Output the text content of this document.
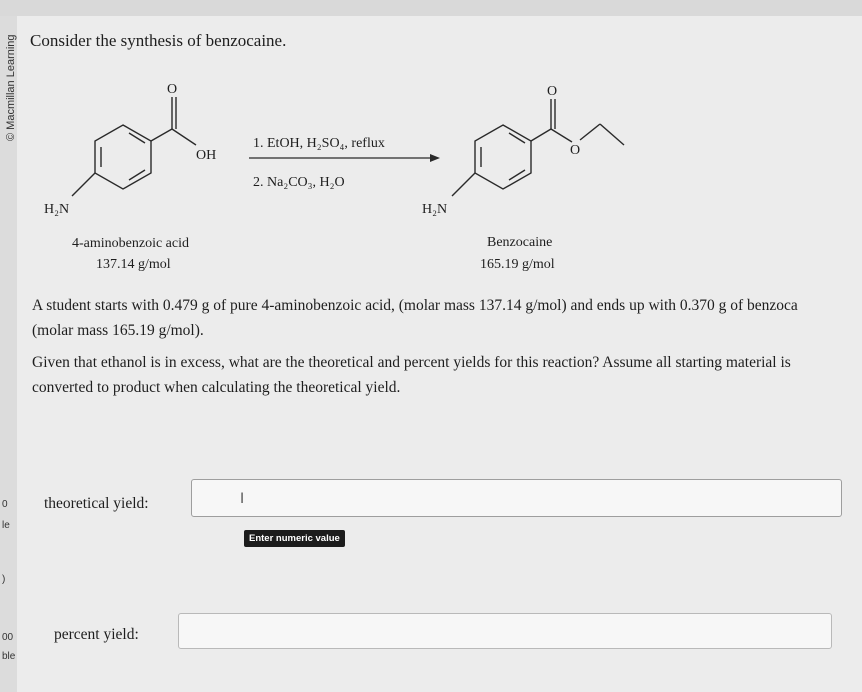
© Macmillan Learning Consider the synthesis of benzocaine.
O
OH
H₂N
1. EtOH, H₂SO₄, reflux
2. Na₂CO₃, H₂O
O
O
H₂N
4-aminobenzoic acid
137.14 g/mol
Benzocaine
165.19 g/mol
A student starts with 0.479 g of pure 4-aminobenzoic acid, (molar mass 137.14 g/mol) and ends up with 0.370 g of benzoca
(molar mass 165.19 g/mol).
Given that ethanol is in excess, what are the theoretical and percent yields for this reaction? Assume all starting material is
converted to product when calculating the theoretical yield.
theoretical yield:	I
Enter numeric value
percent yield:
0
le
)
00
ble
